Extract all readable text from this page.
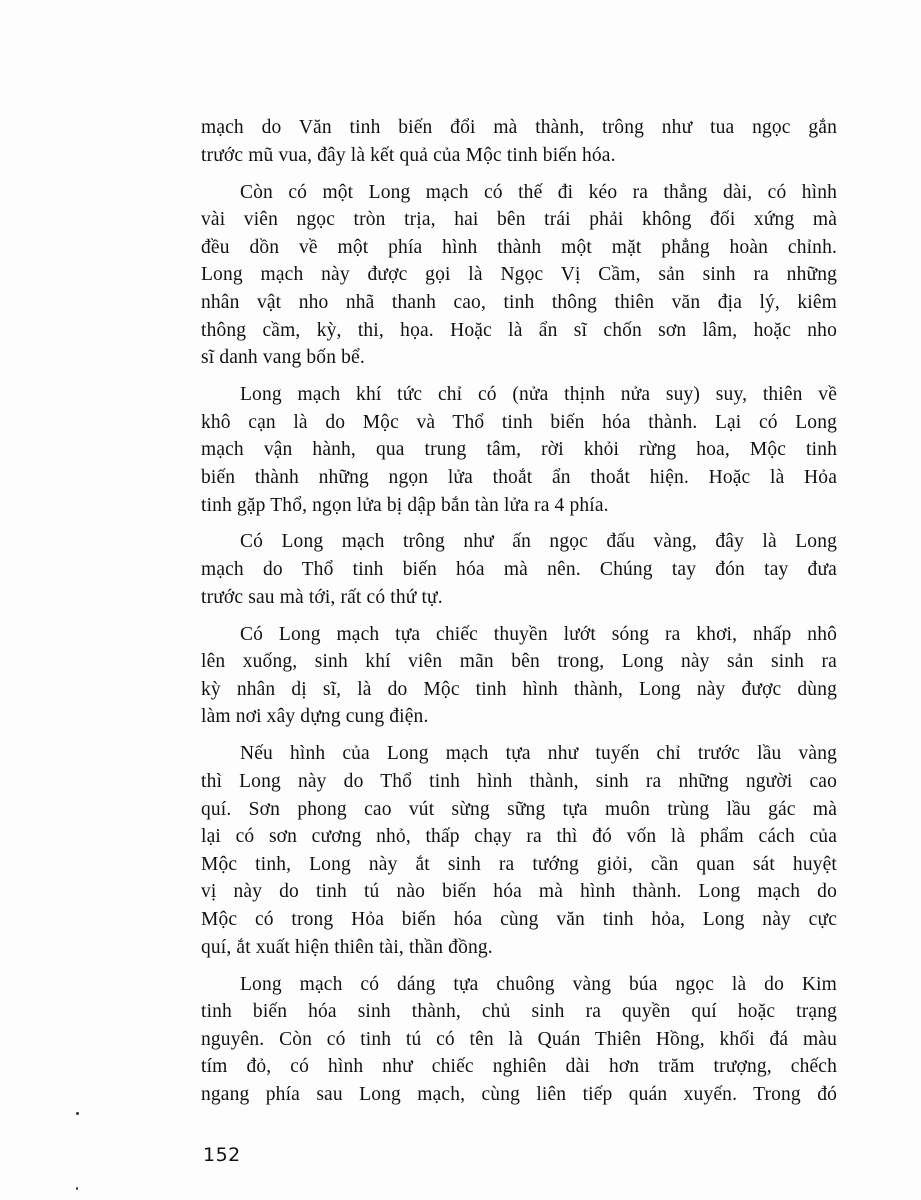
mạch do Văn tinh biến đổi mà thành, trông như tua ngọc gắn
trước mũ vua, đây là kết quả của Mộc tinh biến hóa.
Còn có một Long mạch có thế đi kéo ra thẳng dài, có hình
vài viên ngọc tròn trịa, hai bên trái phải không đối xứng mà
đều dồn về một phía hình thành một mặt phẳng hoàn chỉnh.
Long mạch này được gọi là Ngọc Vị Cầm, sản sinh ra những
nhân vật nho nhã thanh cao, tinh thông thiên văn địa lý, kiêm
thông cầm, kỳ, thi, họa. Hoặc là ẩn sĩ chốn sơn lâm, hoặc nho
sĩ danh vang bốn bể.
Long mạch khí tức chỉ có (nửa thịnh nửa suy) suy, thiên về
khô cạn là do Mộc và Thổ tinh biến hóa thành. Lại có Long
mạch vận hành, qua trung tâm, rời khỏi rừng hoa, Mộc tinh
biến thành những ngọn lửa thoắt ẩn thoắt hiện. Hoặc là Hỏa
tinh gặp Thổ, ngọn lửa bị dập bắn tàn lửa ra 4 phía.
Có Long mạch trông như ấn ngọc đấu vàng, đây là Long
mạch do Thổ tinh biến hóa mà nên. Chúng tay đón tay đưa
trước sau mà tới, rất có thứ tự.
Có Long mạch tựa chiếc thuyền lướt sóng ra khơi, nhấp nhô
lên xuống, sinh khí viên mãn bên trong, Long này sản sinh ra
kỳ nhân dị sĩ, là do Mộc tinh hình thành, Long này được dùng
làm nơi xây dựng cung điện.
Nếu hình của Long mạch tựa như tuyến chỉ trước lầu vàng
thì Long này do Thổ tinh hình thành, sinh ra những người cao
quí. Sơn phong cao vút sừng sững tựa muôn trùng lầu gác mà
lại có sơn cương nhỏ, thấp chạy ra thì đó vốn là phẩm cách của
Mộc tinh, Long này ắt sinh ra tướng giỏi, cần quan sát huyệt
vị này do tinh tú nào biến hóa mà hình thành. Long mạch do
Mộc có trong Hỏa biến hóa cùng văn tinh hỏa, Long này cực
quí, ắt xuất hiện thiên tài, thần đồng.
Long mạch có dáng tựa chuông vàng búa ngọc là do Kim
tinh biến hóa sinh thành, chủ sinh ra quyền quí hoặc trạng
nguyên. Còn có tinh tú có tên là Quán Thiên Hồng, khối đá màu
tím đỏ, có hình như chiếc nghiên dài hơn trăm trượng, chếch
ngang phía sau Long mạch, cùng liên tiếp quán xuyến. Trong đó
152
